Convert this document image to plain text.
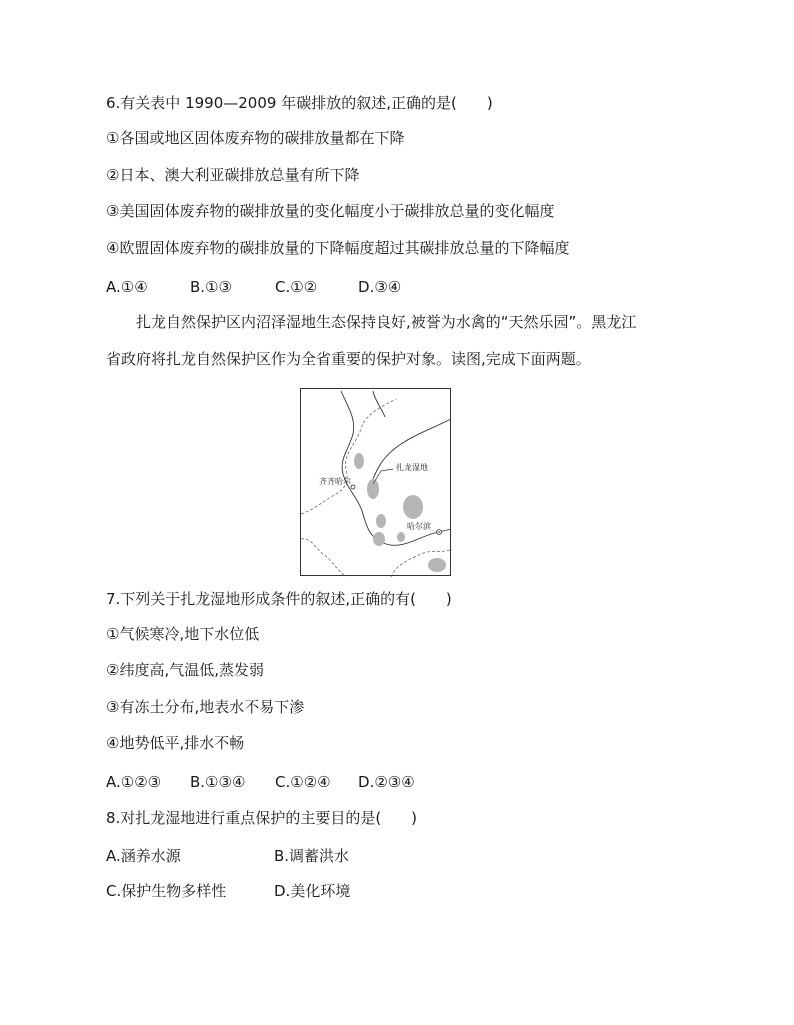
6.有关表中 1990—2009 年碳排放的叙述,正确的是(　　)
①各国或地区固体废弃物的碳排放量都在下降
②日本、澳大利亚碳排放总量有所下降
③美国固体废弃物的碳排放量的变化幅度小于碳排放总量的变化幅度
④欧盟固体废弃物的碳排放量的下降幅度超过其碳排放总量的下降幅度
A.①④	B.①③	C.①②	D.③④
扎龙自然保护区内沼泽湿地生态保持良好,被誉为水禽的“天然乐园”。黑龙江
省政府将扎龙自然保护区作为全省重要的保护对象。读图,完成下面两题。
齐齐哈尔
扎龙湿地
哈尔滨
7.下列关于扎龙湿地形成条件的叙述,正确的有(　　)
①气候寒冷,地下水位低
②纬度高,气温低,蒸发弱
③有冻土分布,地表水不易下渗
④地势低平,排水不畅
A.①②③ B.①③④ C.①②④ D.②③④
8.对扎龙湿地进行重点保护的主要目的是(　　)
A.涵养水源	B.调蓄洪水
C.保护生物多样性	D.美化环境
